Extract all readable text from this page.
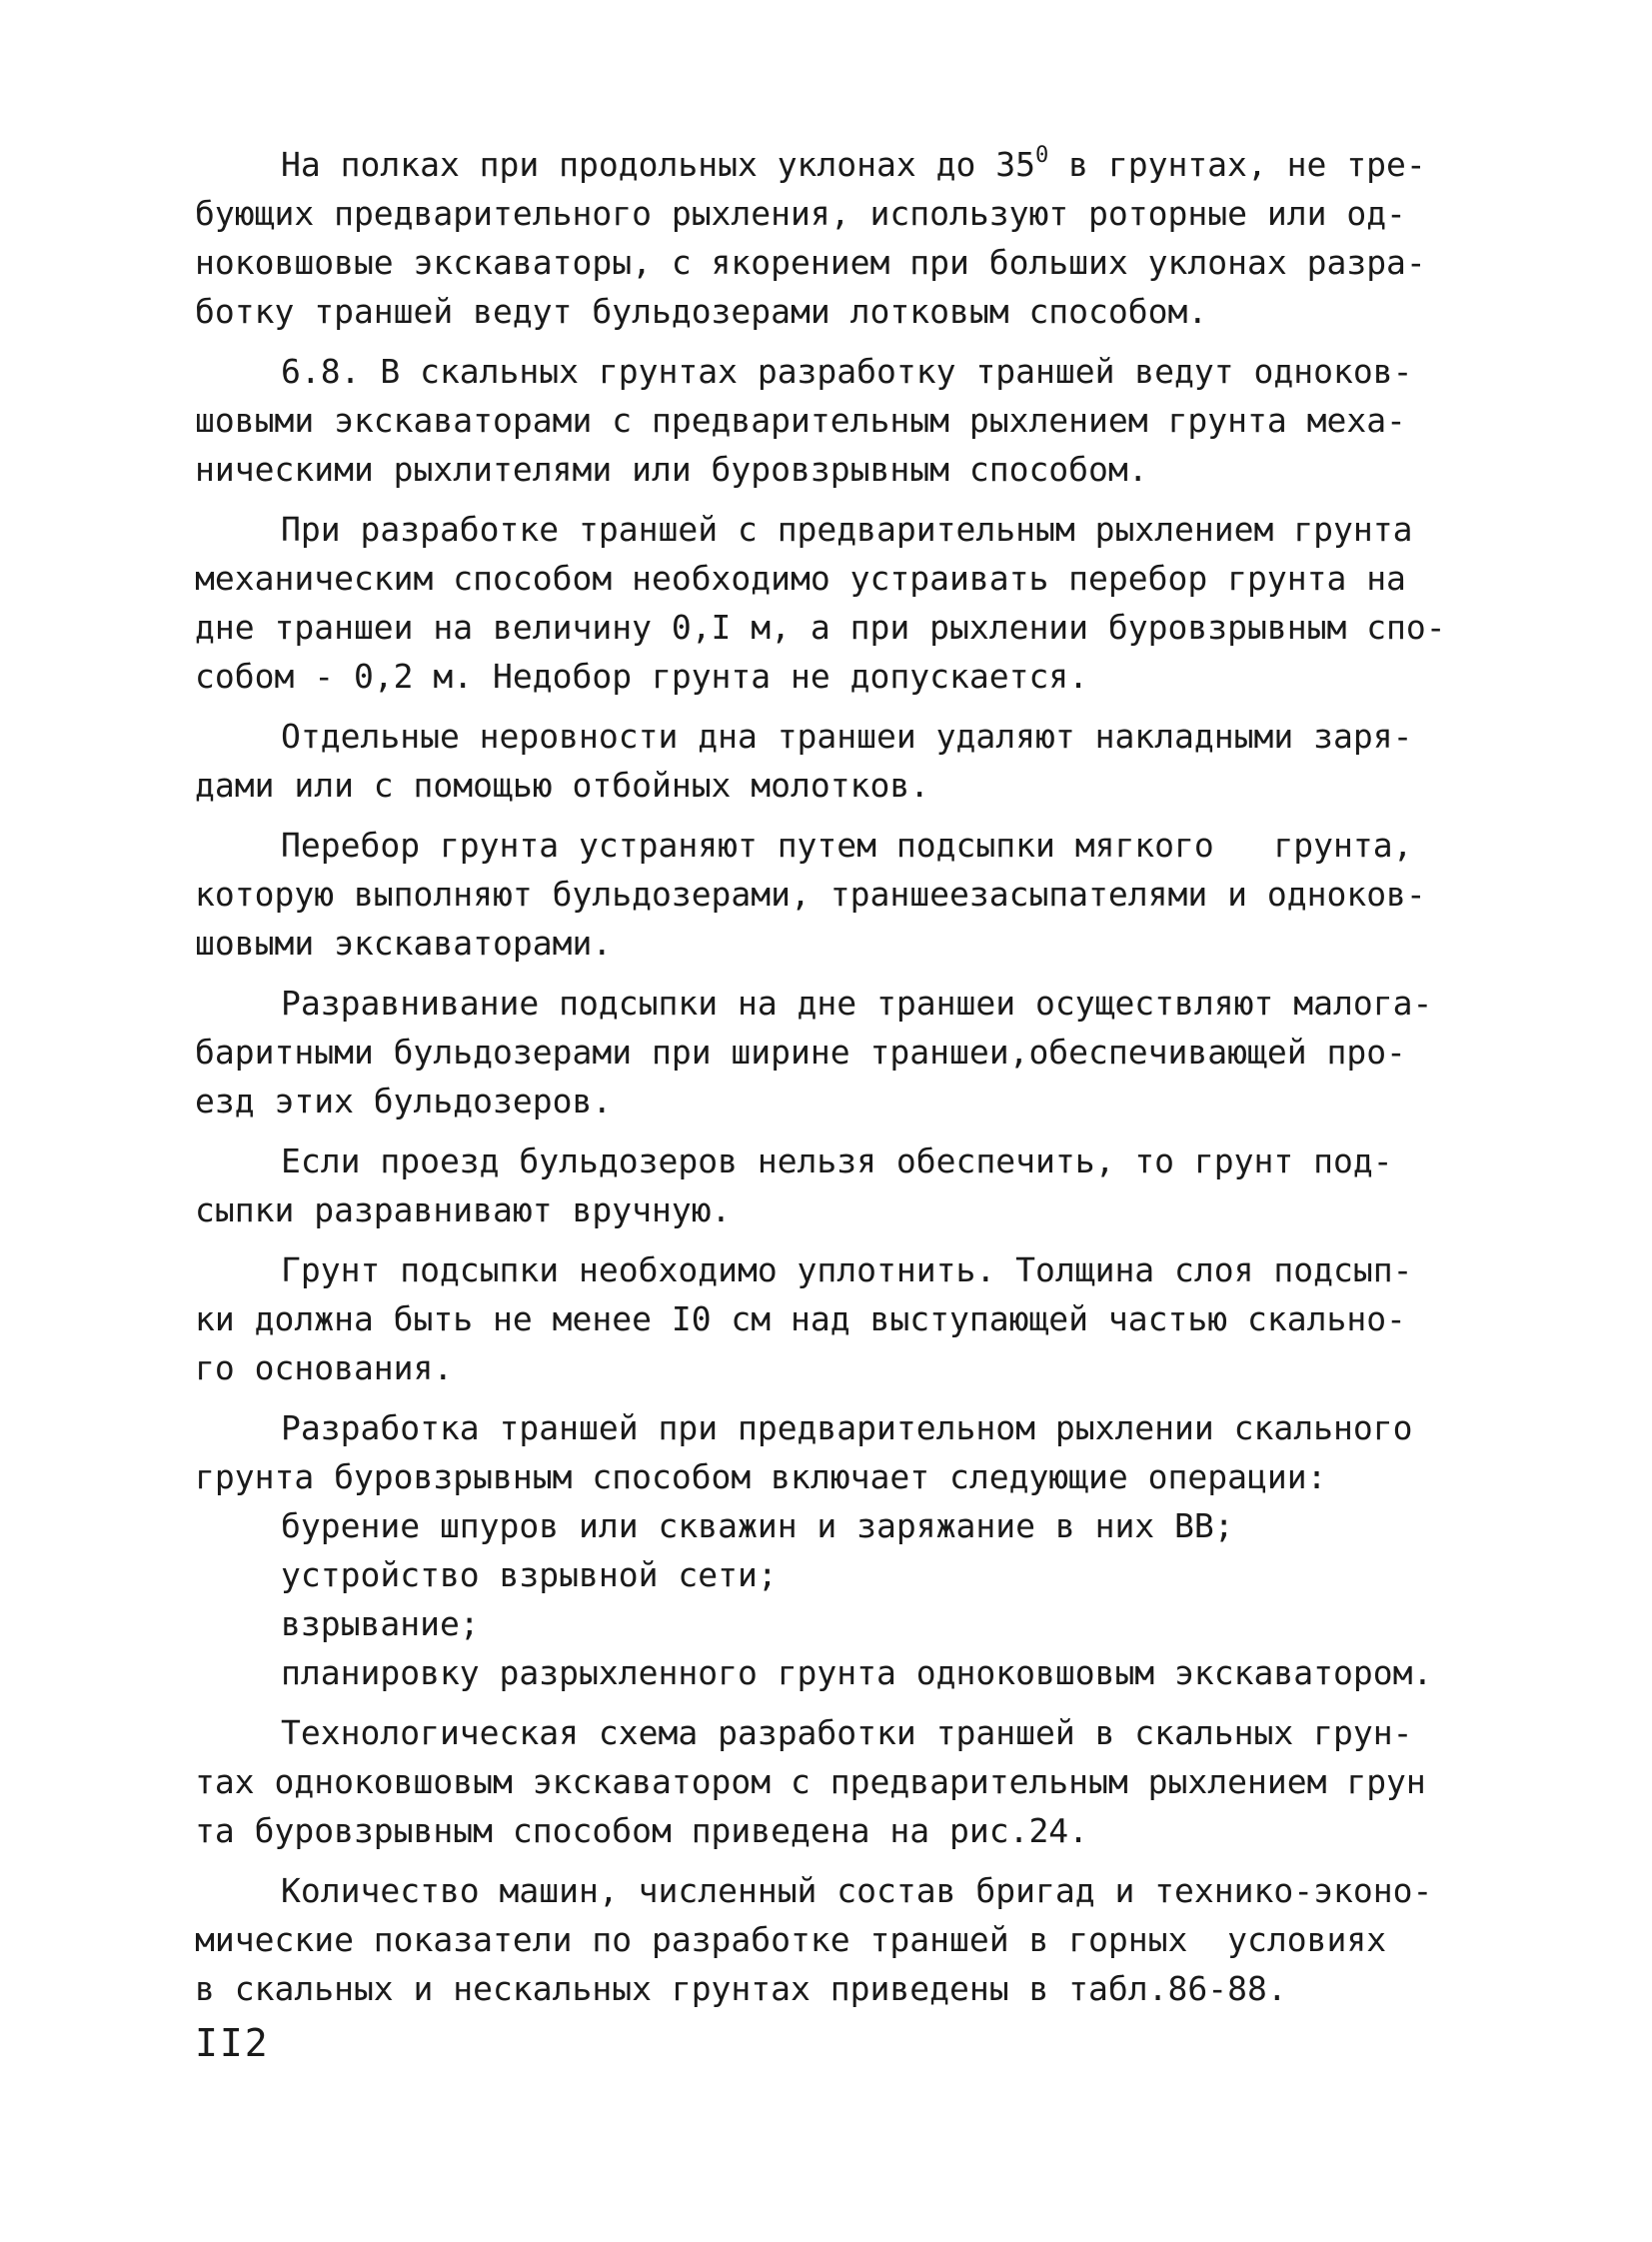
На полках при продольных уклонах до $35^0$ в грунтах, не тре-
бующих предварительного рыхления, используют роторные или од-
нoковшовые экскаваторы, с якорением при больших уклонах разра-
ботку траншей ведут бульдозерами лотковым способом.
6.8. В скальных грунтах разработку траншей ведут одноков-
шовыми экскаваторами с предварительным рыхлением грунта меха-
ническими рыхлителями или буровзрывным способом.
При разработке траншей с предварительным рыхлением грунта
механическим способом необходимо устраивать перебор грунта на
дне траншеи на величину 0,I м, а при рыхлении буровзрывным спо-
собом - 0,2 м. Недобор грунта не допускается.
Отдельные неровности дна траншеи удаляют накладными заря-
дами или с помощью отбойных молотков.
Перебор грунта устраняют путем подсыпки мягкого   грунта,
которую выполняют бульдозерами, траншеезасыпателями и одноков-
шовыми экскаваторами.
Разравнивание подсыпки на дне траншеи осуществляют малога-
баритными бульдозерами при ширине траншеи,обеспечивающей про-
езд этих бульдозеров.
Если проезд бульдозеров нельзя обеспечить, то грунт под-
сыпки разравнивают вручную.
Грунт подсыпки необходимо уплотнить. Толщина слоя подсып-
ки должна быть не менее I0 см над выступающей частью скально-
го основания.
Разработка траншей при предварительном рыхлении скального
грунта буровзрывным способом включает следующие операции:
бурение шпуров или скважин и заряжание в них ВВ;
устройство взрывной сети;
взрывание;
планировку разрыхленного грунта одноковшовым экскаватором.
Технологическая схема разработки траншей в скальных грун-
тах одноковшовым экскаватором с предварительным рыхлением грун
та буровзрывным способом приведена на рис.24.
Количество машин, численный состав бригад и технико-эконо-
мические показатели по разработке траншей в горных  условиях
в скальных и нескальных грунтах приведены в табл.86-88.
II2
